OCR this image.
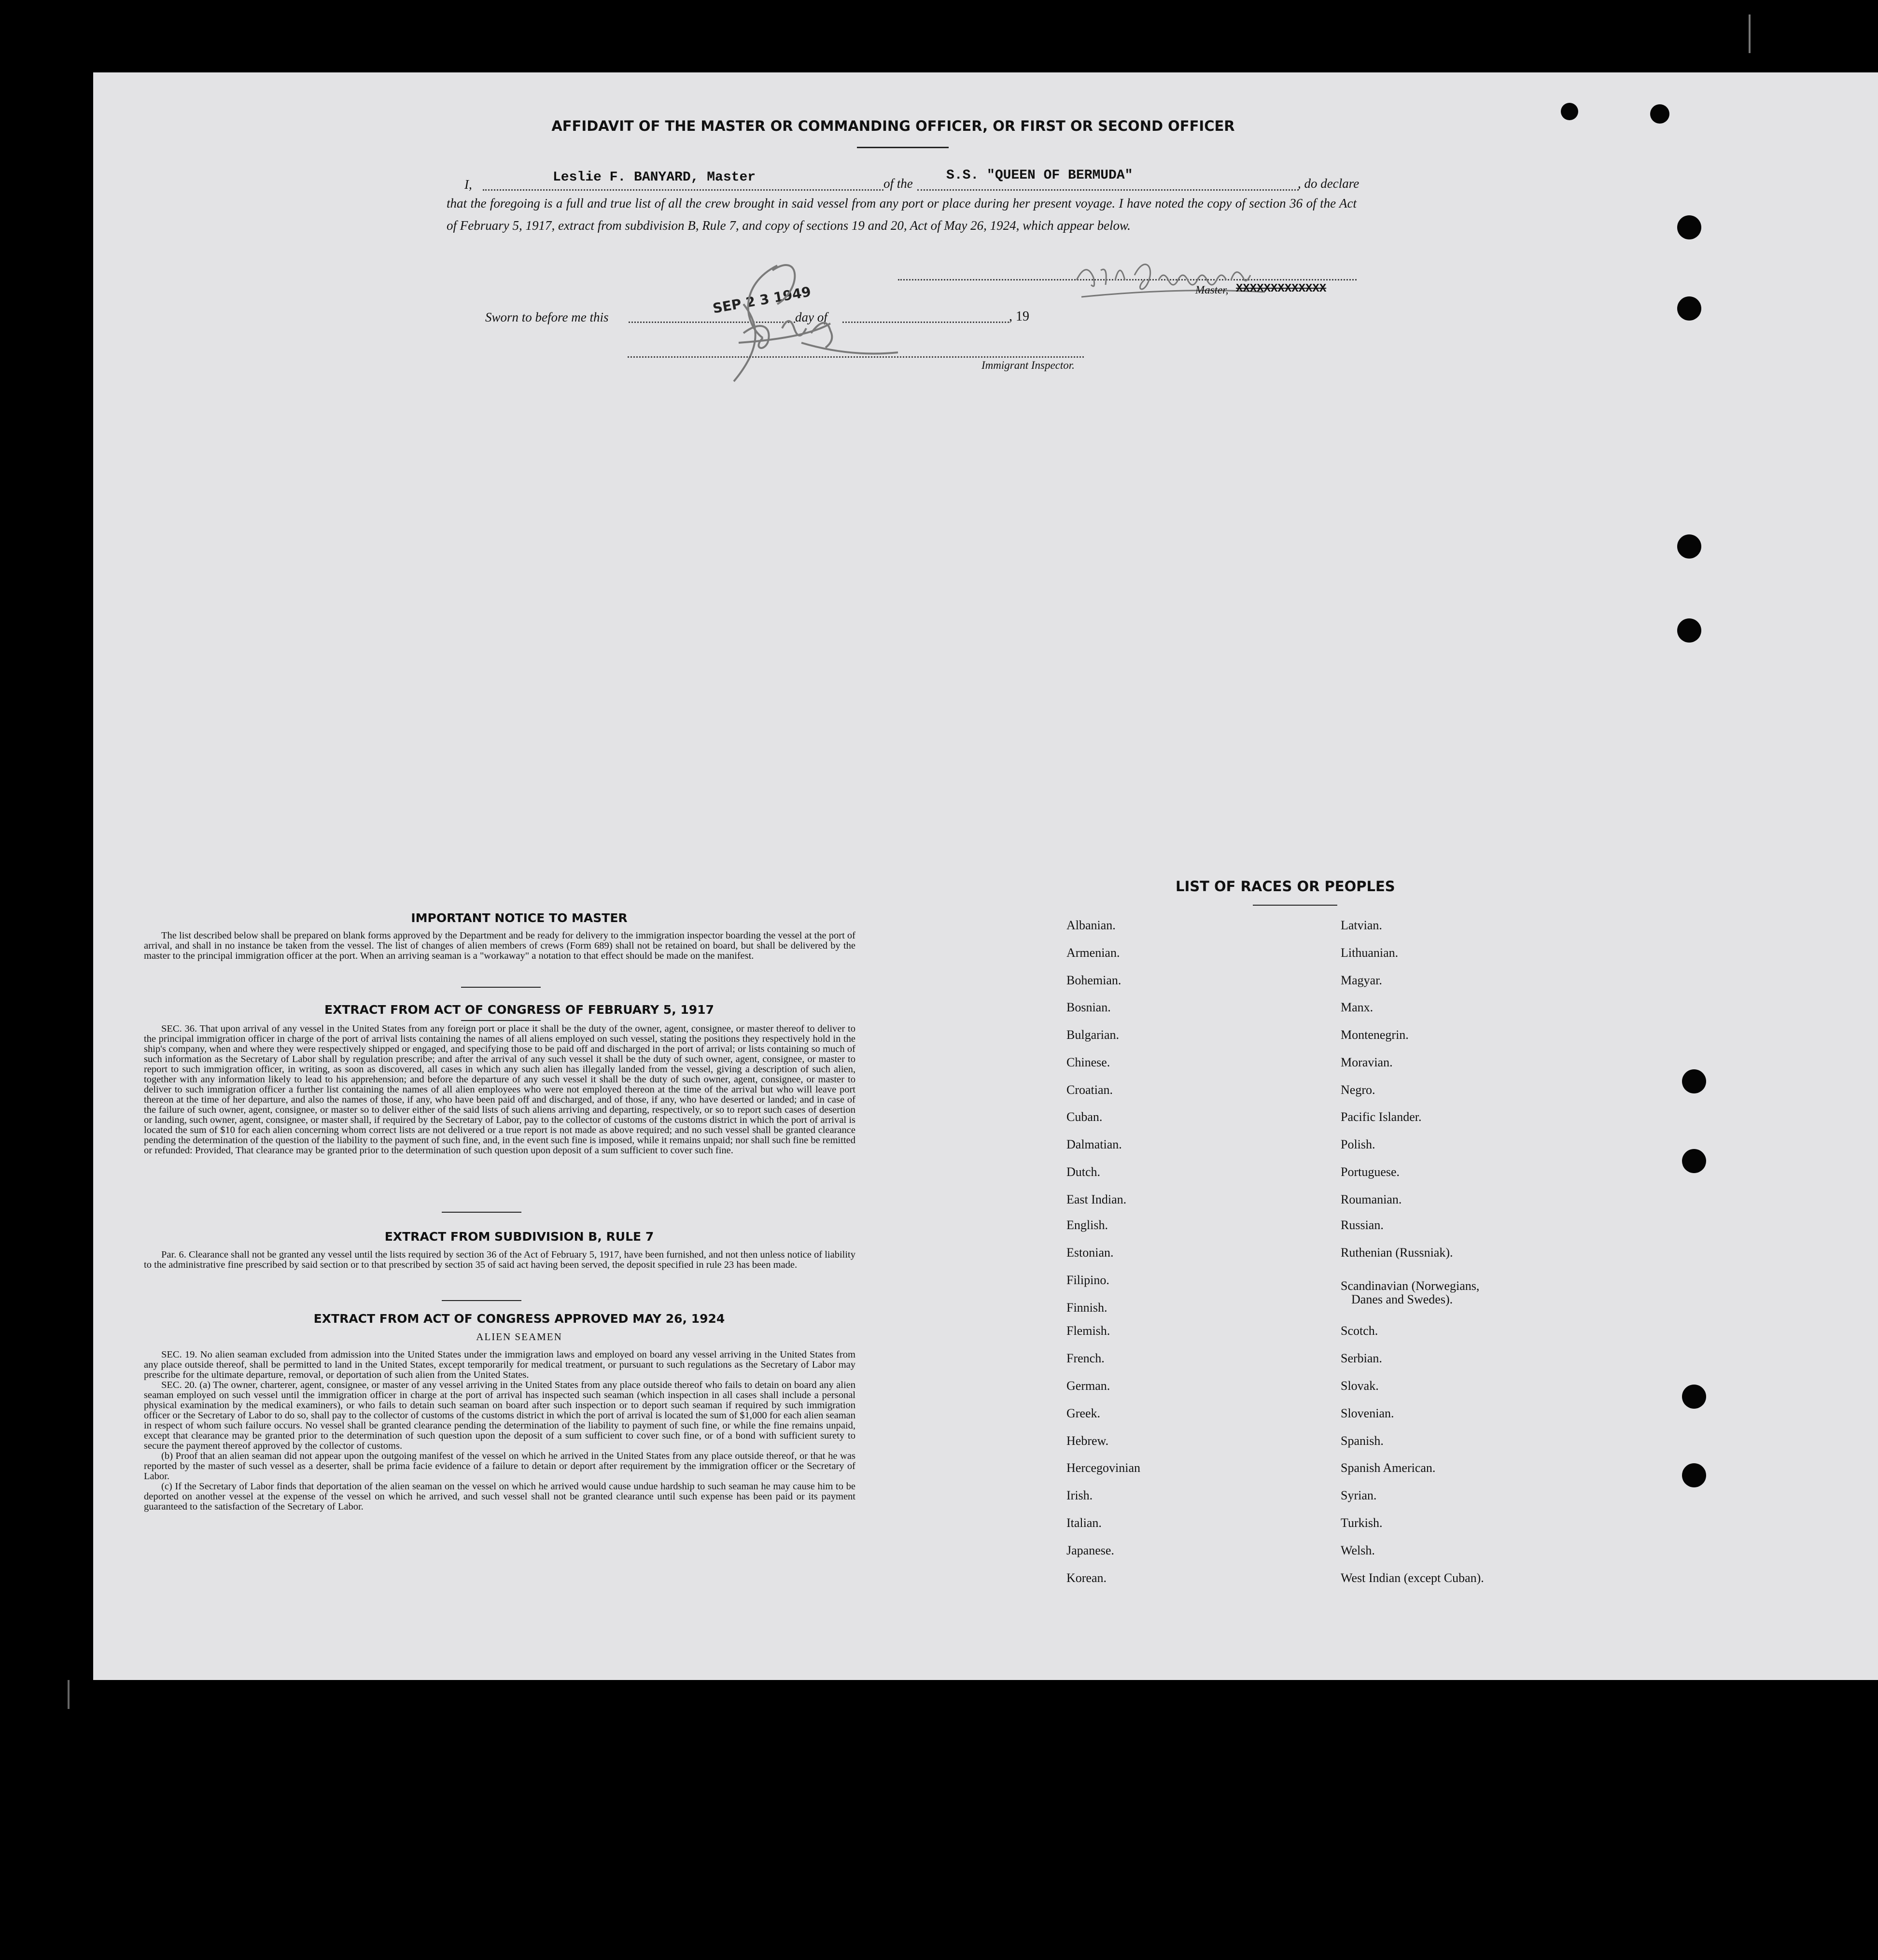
AFFIDAVIT OF THE MASTER OR COMMANDING OFFICER, OR FIRST OR SECOND OFFICER
I,	Leslie F. BANYARD, Master	of the
S.S. "QUEEN OF BERMUDA"
, do declare
that the foregoing is a full and true list of all the crew brought in said vessel from any port or place during her present voyage. I have noted the copy of section 36 of the Act of February 5, 1917, extract from subdivision B, Rule 7, and copy of sections 19 and 20, Act of May 26, 1924, which appear below.
Master, XXXXXXXXXXXXX
Sworn to before me this
SEP 2 3 1949
day of	, 19
Immigrant Inspector.
IMPORTANT NOTICE TO MASTER

The list described below shall be prepared on blank forms approved by the Department and be ready for delivery to the immigration inspector boarding the vessel at the port of arrival, and shall in no instance be taken from the vessel. The list of changes of alien members of crews (Form 689) shall not be retained on board, but shall be delivered by the master to the principal immigration officer at the port. When an arriving seaman is a "workaway" a notation to that effect should be made on the manifest.

EXTRACT FROM ACT OF CONGRESS OF FEBRUARY 5, 1917

SEC. 36. That upon arrival of any vessel in the United States from any foreign port or place it shall be the duty of the owner, agent, consignee, or master thereof to deliver to the principal immigration officer in charge of the port of arrival lists containing the names of all aliens employed on such vessel, stating the positions they respectively hold in the ship's company, when and where they were respectively shipped or engaged, and specifying those to be paid off and discharged in the port of arrival; or lists containing so much of such information as the Secretary of Labor shall by regulation prescribe; and after the arrival of any such vessel it shall be the duty of such owner, agent, consignee, or master to report to such immigration officer, in writing, as soon as discovered, all cases in which any such alien has illegally landed from the vessel, giving a description of such alien, together with any information likely to lead to his apprehension; and before the departure of any such vessel it shall be the duty of such owner, agent, consignee, or master to deliver to such immigration officer a further list containing the names of all alien employees who were not employed thereon at the time of the arrival but who will leave port thereon at the time of her departure, and also the names of those, if any, who have been paid off and discharged, and of those, if any, who have deserted or landed; and in case of the failure of such owner, agent, consignee, or master so to deliver either of the said lists of such aliens arriving and departing, respectively, or so to report such cases of desertion or landing, such owner, agent, consignee, or master shall, if required by the Secretary of Labor, pay to the collector of customs of the customs district in which the port of arrival is located the sum of $10 for each alien concerning whom correct lists are not delivered or a true report is not made as above required; and no such vessel shall be granted clearance pending the determination of the question of the liability to the payment of such fine, and, in the event such fine is imposed, while it remains unpaid; nor shall such fine be remitted or refunded: Provided, That clearance may be granted prior to the determination of such question upon deposit of a sum sufficient to cover such fine.

EXTRACT FROM SUBDIVISION B, RULE 7

Par. 6. Clearance shall not be granted any vessel until the lists required by section 36 of the Act of February 5, 1917, have been furnished, and not then unless notice of liability to the administrative fine prescribed by said section or to that prescribed by section 35 of said act having been served, the deposit specified in rule 23 has been made.

EXTRACT FROM ACT OF CONGRESS APPROVED MAY 26, 1924
ALIEN SEAMEN

SEC. 19. No alien seaman excluded from admission into the United States under the immigration laws and employed on board any vessel arriving in the United States from any place outside thereof, shall be permitted to land in the United States, except temporarily for medical treatment, or pursuant to such regulations as the Secretary of Labor may prescribe for the ultimate departure, removal, or deportation of such alien from the United States.

SEC. 20. (a) The owner, charterer, agent, consignee, or master of any vessel arriving in the United States from any place outside thereof who fails to detain on board any alien seaman employed on such vessel until the immigration officer in charge at the port of arrival has inspected such seaman (which inspection in all cases shall include a personal physical examination by the medical examiners), or who fails to detain such seaman on board after such inspection or to deport such seaman if required by such immigration officer or the Secretary of Labor to do so, shall pay to the collector of customs of the customs district in which the port of arrival is located the sum of $1,000 for each alien seaman in respect of whom such failure occurs. No vessel shall be granted clearance pending the determination of the liability to payment of such fine, or while the fine remains unpaid, except that clearance may be granted prior to the determination of such question upon the deposit of a sum sufficient to cover such fine, or of a bond with sufficient surety to secure the payment thereof approved by the collector of customs.

(b) Proof that an alien seaman did not appear upon the outgoing manifest of the vessel on which he arrived in the United States from any place outside thereof, or that he was reported by the master of such vessel as a deserter, shall be prima facie evidence of a failure to detain or deport after requirement by the immigration officer or the Secretary of Labor.

(c) If the Secretary of Labor finds that deportation of the alien seaman on the vessel on which he arrived would cause undue hardship to such seaman he may cause him to be deported on another vessel at the expense of the vessel on which he arrived, and such vessel shall not be granted clearance until such expense has been paid or its payment guaranteed to the satisfaction of the Secretary of Labor.

LIST OF RACES OR PEOPLES
Albanian.
Armenian.
Bohemian.
Bosnian.
Bulgarian.
Chinese.
Croatian.
Cuban.
Dalmatian.
Dutch.
East Indian.
English.
Estonian.
Filipino.
Finnish.
Flemish.
French.
German.
Greek.
Hebrew.
Hercegovinian
Irish.
Italian.
Japanese.
Korean.
Latvian.
Lithuanian.
Magyar.
Manx.
Montenegrin.
Moravian.
Negro.
Pacific Islander.
Polish.
Portuguese.
Roumanian.
Russian.
Ruthenian (Russniak).
Scandinavian (Norwegians,
Danes and Swedes).
Scotch.
Serbian.
Slovak.
Slovenian.
Spanish.
Spanish American.
Syrian.
Turkish.
Welsh.
West Indian (except Cuban).
